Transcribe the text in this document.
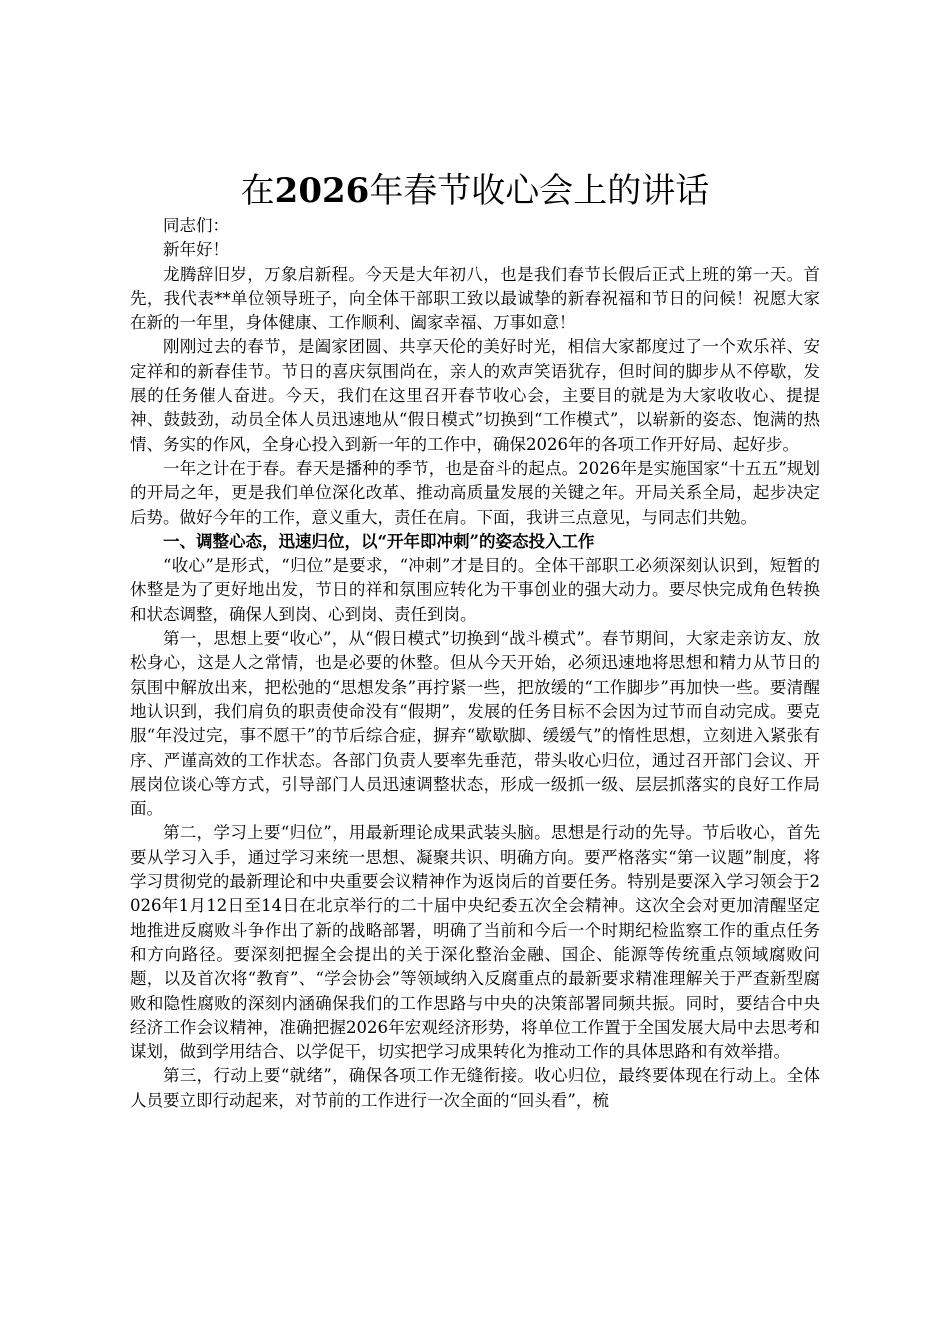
在2026年春节收心会上的讲话

同志们：

新年好！

龙腾辞旧岁，万象启新程。今天是大年初八，也是我们春节长假后正式上班的第一天。首先，我代表**单位领导班子，向全体干部职工致以最诚挚的新春祝福和节日的问候！祝愿大家在新的一年里，身体健康、工作顺利、阖家幸福、万事如意！

刚刚过去的春节，是阖家团圆、共享天伦的美好时光，相信大家都度过了一个欢乐祥、安定祥和的新春佳节。节日的喜庆氛围尚在，亲人的欢声笑语犹存，但时间的脚步从不停歇，发展的任务催人奋进。今天，我们在这里召开春节收心会，主要目的就是为大家收收心、提提神、鼓鼓劲，动员全体人员迅速地从“假日模式”切换到“工作模式”，以崭新的姿态、饱满的热情、务实的作风，全身心投入到新一年的工作中，确保2026年的各项工作开好局、起好步。

一年之计在于春。春天是播种的季节，也是奋斗的起点。2026年是实施国家“十五五”规划的开局之年，更是我们单位深化改革、推动高质量发展的关键之年。开局关系全局，起步决定后势。做好今年的工作，意义重大，责任在肩。下面，我讲三点意见，与同志们共勉。

一、调整心态，迅速归位，以“开年即冲刺”的姿态投入工作

“收心”是形式，“归位”是要求，“冲刺”才是目的。全体干部职工必须深刻认识到，短暂的休整是为了更好地出发，节日的祥和氛围应转化为干事创业的强大动力。要尽快完成角色转换和状态调整，确保人到岗、心到岗、责任到岗。

第一，思想上要“收心”，从“假日模式”切换到“战斗模式”。春节期间，大家走亲访友、放松身心，这是人之常情，也是必要的休整。但从今天开始，必须迅速地将思想和精力从节日的氛围中解放出来，把松弛的“思想发条”再拧紧一些，把放缓的“工作脚步”再加快一些。要清醒地认识到，我们肩负的职责使命没有“假期”，发展的任务目标不会因为过节而自动完成。要克服“年没过完，事不愿干”的节后综合症，摒弃“歇歇脚、缓缓气”的惰性思想，立刻进入紧张有序、严谨高效的工作状态。各部门负责人要率先垂范，带头收心归位，通过召开部门会议、开展岗位谈心等方式，引导部门人员迅速调整状态，形成一级抓一级、层层抓落实的良好工作局面。

第二，学习上要“归位”，用最新理论成果武装头脑。思想是行动的先导。节后收心，首先要从学习入手，通过学习来统一思想、凝聚共识、明确方向。要严格落实“第一议题”制度，将学习贯彻党的最新理论和中央重要会议精神作为返岗后的首要任务。特别是要深入学习领会于2026年1月12日至14日在北京举行的二十届中央纪委五次全会精神。这次全会对更加清醒坚定地推进反腐败斗争作出了新的战略部署，明确了当前和今后一个时期纪检监察工作的重点任务和方向路径。要深刻把握全会提出的关于深化整治金融、国企、能源等传统重点领域腐败问题，以及首次将“教育”、“学会协会”等领域纳入反腐重点的最新要求精准理解关于严查新型腐败和隐性腐败的深刻内涵确保我们的工作思路与中央的决策部署同频共振。同时，要结合中央经济工作会议精神，准确把握2026年宏观经济形势，将单位工作置于全国发展大局中去思考和谋划，做到学用结合、以学促干，切实把学习成果转化为推动工作的具体思路和有效举措。

第三，行动上要“就绪”，确保各项工作无缝衔接。收心归位，最终要体现在行动上。全体人员要立即行动起来，对节前的工作进行一次全面的“回头看”，梳
